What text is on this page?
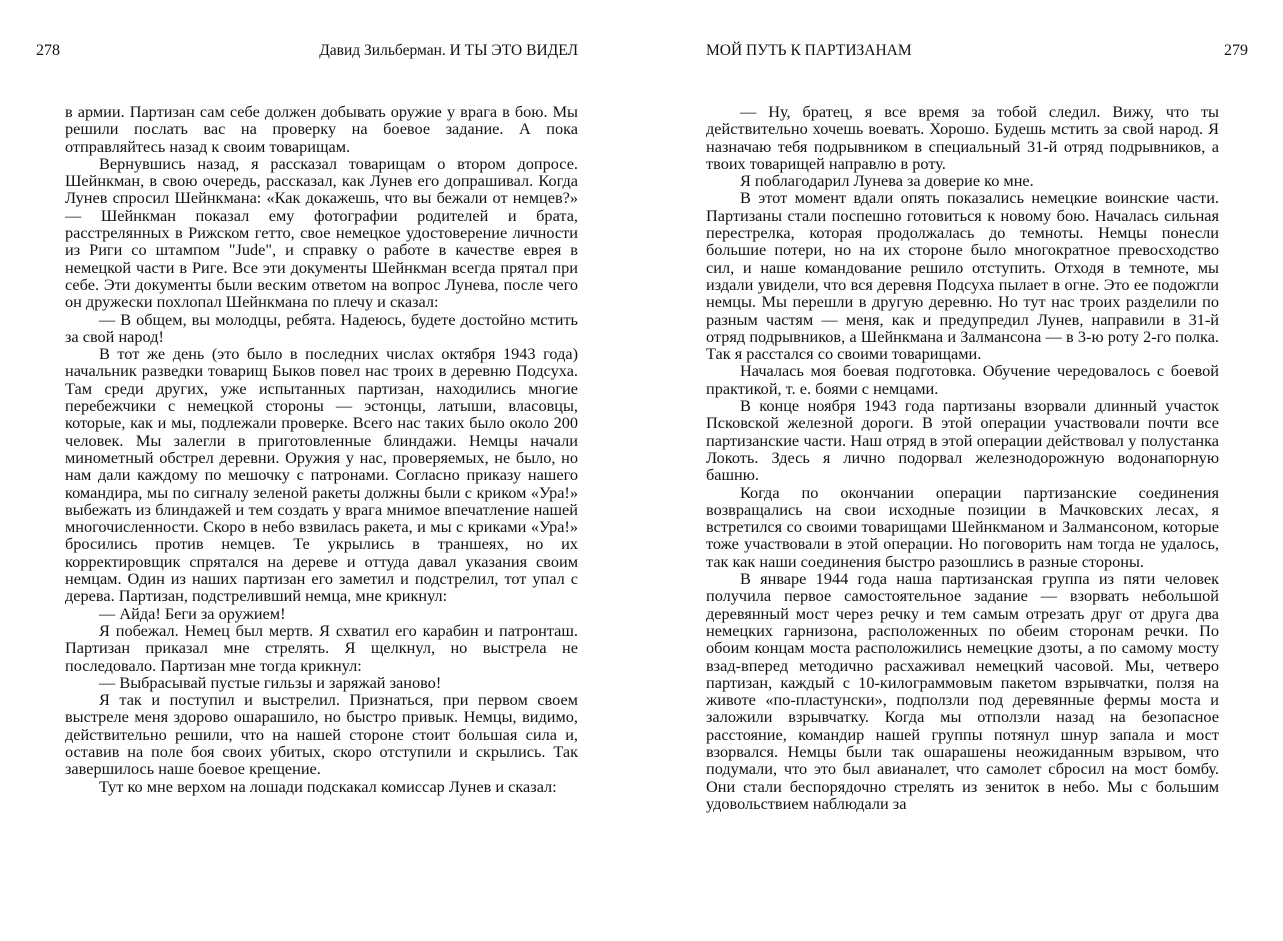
278	Давид Зильберман. И ТЫ ЭТО ВИДЕЛ	МОЙ ПУТЬ К ПАРТИЗАНАМ	279

в армии. Партизан сам себе должен добывать оружие у врага в бою. Мы решили послать вас на проверку на боевое задание. А пока отправляйтесь назад к своим товарищам.

Вернувшись назад, я рассказал товарищам о втором допросе. Шейнкман, в свою очередь, рассказал, как Лунев его допрашивал. Когда Лунев спросил Шейнкмана: «Как докажешь, что вы бежали от немцев?» — Шейнкман показал ему фотографии родителей и брата, расстрелянных в Рижском гетто, свое немецкое удостоверение личности из Риги со штампом "Jude", и справку о работе в качестве еврея в немецкой части в Риге. Все эти документы Шейнкман всегда прятал при себе. Эти документы были веским ответом на вопрос Лунева, после чего он дружески похлопал Шейнкмана по плечу и сказал:

— В общем, вы молодцы, ребята. Надеюсь, будете достойно мстить за свой народ!

В тот же день (это было в последних числах октября 1943 года) начальник разведки товарищ Быков повел нас троих в деревню Подсуха. Там среди других, уже испытанных партизан, находились многие перебежчики с немецкой стороны — эстонцы, латыши, власовцы, которые, как и мы, подлежали проверке. Всего нас таких было около 200 человек. Мы залегли в приготовленные блиндажи. Немцы начали минометный обстрел деревни. Оружия у нас, проверяемых, не было, но нам дали каждому по мешочку с патронами. Согласно приказу нашего командира, мы по сигналу зеленой ракеты должны были с криком «Ура!» выбежать из блиндажей и тем создать у врага мнимое впечатление нашей многочисленности. Скоро в небо взвилась ракета, и мы с криками «Ура!» бросились против немцев. Те укрылись в траншеях, но их корректировщик спрятался на дереве и оттуда давал указания своим немцам. Один из наших партизан его заметил и подстрелил, тот упал с дерева. Партизан, подстреливший немца, мне крикнул:

— Айда! Беги за оружием!

Я побежал. Немец был мертв. Я схватил его карабин и патронташ. Партизан приказал мне стрелять. Я щелкнул, но выстрела не последовало. Партизан мне тогда крикнул:

— Выбрасывай пустые гильзы и заряжай заново!

Я так и поступил и выстрелил. Признаться, при первом своем выстреле меня здорово ошарашило, но быстро привык. Немцы, видимо, действительно решили, что на нашей стороне стоит большая сила и, оставив на поле боя своих убитых, скоро отступили и скрылись. Так завершилось наше боевое крещение.

Тут ко мне верхом на лошади подскакал комиссар Лунев и сказал:

— Ну, братец, я все время за тобой следил. Вижу, что ты действительно хочешь воевать. Хорошо. Будешь мстить за свой народ. Я назначаю тебя подрывником в специальный 31-й отряд подрывников, а твоих товарищей направлю в роту.

Я поблагодарил Лунева за доверие ко мне.

В этот момент вдали опять показались немецкие воинские части. Партизаны стали поспешно готовиться к новому бою. Началась сильная перестрелка, которая продолжалась до темноты. Немцы понесли большие потери, но на их стороне было многократное превосходство сил, и наше командование решило отступить. Отходя в темноте, мы издали увидели, что вся деревня Подсуха пылает в огне. Это ее подожгли немцы. Мы перешли в другую деревню. Но тут нас троих разделили по разным частям — меня, как и предупредил Лунев, направили в 31-й отряд подрывников, а Шейнкмана и Залмансона — в 3-ю роту 2-го полка. Так я расстался со своими товарищами.

Началась моя боевая подготовка. Обучение чередовалось с боевой практикой, т. е. боями с немцами.

В конце ноября 1943 года партизаны взорвали длинный участок Псковской железной дороги. В этой операции участвовали почти все партизанские части. Наш отряд в этой операции действовал у полустанка Локоть. Здесь я лично подорвал железнодорожную водонапорную башню.

Когда по окончании операции партизанские соединения возвращались на свои исходные позиции в Мачковских лесах, я встретился со своими товарищами Шейнкманом и Залмансоном, которые тоже участвовали в этой операции. Но поговорить нам тогда не удалось, так как наши соединения быстро разошлись в разные стороны.

В январе 1944 года наша партизанская группа из пяти человек получила первое самостоятельное задание — взорвать небольшой деревянный мост через речку и тем самым отрезать друг от друга два немецких гарнизона, расположенных по обеим сторонам речки. По обоим концам моста расположились немецкие дзоты, а по самому мосту взад-вперед методично расхаживал немецкий часовой. Мы, четверо партизан, каждый с 10-килограммовым пакетом взрывчатки, ползя на животе «по-пластунски», подползли под деревянные фермы моста и заложили взрывчатку. Когда мы отползли назад на безопасное расстояние, командир нашей группы потянул шнур запала и мост взорвался. Немцы были так ошарашены неожиданным взрывом, что подумали, что это был авианалет, что самолет сбросил на мост бомбу. Они стали беспорядочно стрелять из зениток в небо. Мы с большим удовольствием наблюдали за
